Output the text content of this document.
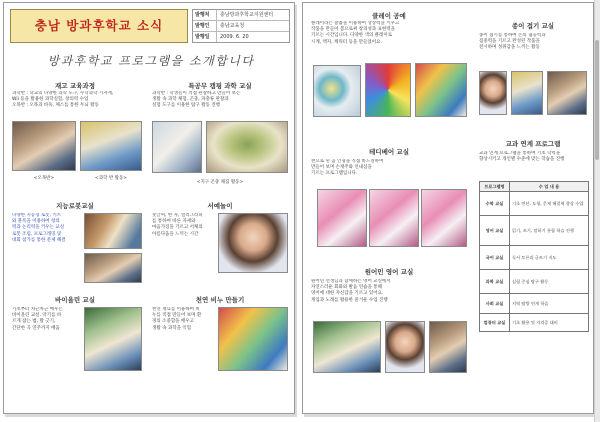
충남 방과후학교 소식
발행처 충남방과후학교지원센터
발행인 충남교육청
발행일 2009. 6. 20
방과후학교 프로그램을 소개합니다
재고 교육과정
과학반 : 학교의 다양한 과학 도구, 수학과학 기자재,
Wii 등을 활용한 과학실험, 창의력 수업
오목반 : 오목과 바둑, 체스를 통한 두뇌 활동
<오목반>	<과학 반 활동>
특공무 캠핑 과학 교실
과학반 : 학생들이 직접 관찰하고 만들어 보는
생활 속 과학 체험. 곤충, 파충류 관찰과
실험 도구를 이용한 탐구 활동 진행
<지구 곤충 채집 활동>
지능로봇교실
다양한 지능형 로봇, 키트
와 블록을 이용하여 창의
력과 논리력을 키우는 교실
로봇 조립, 프로그래밍 및
대회 참가를 통한 문제 해결
서예놀이
붓글씨, 한 자, 캘리그라피
를 통하여 바른 자세와
마음가짐을 기르고 서체의
아름다움을 느끼는 시간
바이올린 교실
기초부터 차근차근 배우는
바이올린 교실. 악기를 바
르게 잡는 법, 활 긋기,
간단한 곡 연주까지 배움
천연 비누 만들기
천연 재료를 이용하여 비
누를 직접 만들어 보며 환
경의 소중함을 배우고
생활 속 과학을 익힘
클레이 공예
클레이라는 찰흙을 이용하여 상상력을 키우고
작품을 만들어 봄으로써 창의성과 표현력을
기르는 시간입니다. 다양한 색의 클레이로
시계, 액자, 캐릭터 등을 만들었어요.
종이 접기 교실
종이 접기를 통하여 손의 협응력과
집중력을 기르고 완성된 작품을
전시하며 성취감을 느끼는 활동
테디베어 교실
천으로 된 곰 인형을 직접 바느질하여
만들어 보며 손재주와 인내심을
기르는 프로그램입니다.
교과 연계 프로그램
교과 연계 프로그램을 통하여 기초 학력을
향상시키고 개인별 수준에 맞는 학습을 진행
프로그램명	수 업 내 용
수학 교실	기초 연산, 도형, 문제 해결력 향상 수업
영어 교실	읽기, 쓰기, 말하기 통합 학습 진행
국어 교실	독서 토론과 글쓰기 지도
과학 교실	실험 중심 탐구 활동
사회 교실	지역 탐방 연계 학습
컴퓨터 교실	기초 활용 및 자격증 대비
원어민 영어 교실
원어민 선생님과 함께하는 영어 교실에서
자연스러운 회화와 발음 연습을 통해
영어에 대한 자신감을 기르고 있어요.
게임과 노래를 활용한 즐거운 수업 진행
